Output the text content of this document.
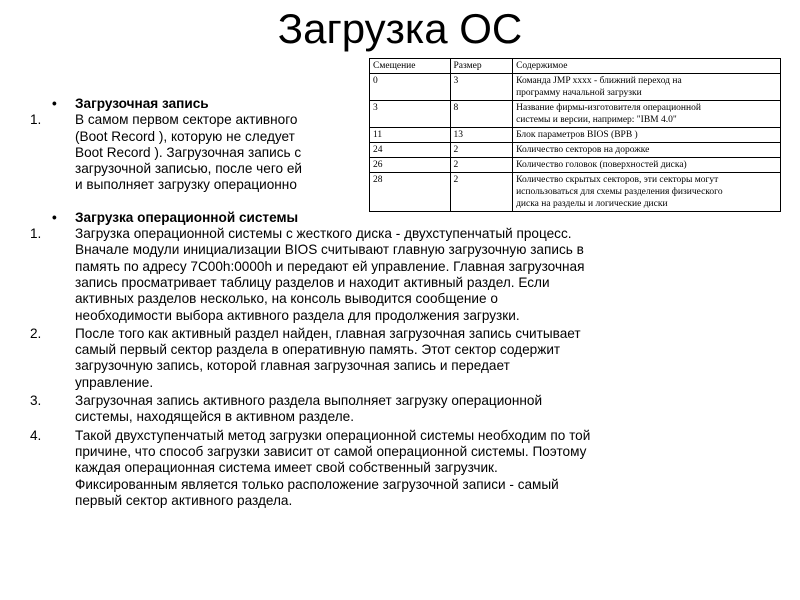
Загрузка ОС
•	Загрузочная запись
1.	В самом первом секторе активного
(Boot Record ), которую не следует
Boot Record ). Загрузочная запись с
загрузочной записью, после чего ей
и выполняет загрузку операционно
•	Загрузка операционной системы
1.	Загрузка операционной системы с жесткого диска - двухступенчатый процесс.
Вначале модули инициализации BIOS считывают главную загрузочную запись в
память по адресу 7C00h:0000h и передают ей управление. Главная загрузочная
запись просматривает таблицу разделов и находит активный раздел. Если
активных разделов несколько, на консоль выводится сообщение о
необходимости выбора активного раздела для продолжения загрузки.
2.	После того как активный раздел найден, главная загрузочная запись считывает
самый первый сектор раздела в оперативную память. Этот сектор содержит
загрузочную запись, которой главная загрузочная запись и передает
управление.
3.	Загрузочная запись активного раздела выполняет загрузку операционной
системы, находящейся в активном разделе.
4.	Такой двухступенчатый метод загрузки операционной системы необходим по той
причине, что способ загрузки зависит от самой операционной системы. Поэтому
каждая операционная система имеет свой собственный загрузчик.
Фиксированным является только расположение загрузочной записи - самый
первый сектор активного раздела.
Смещение	Размер	Содержимое
0	3	Команда JMP xxxx - ближний переход на
программу начальной загрузки

3	8	Название фирмы-изготовителя операционной
системы и версии, например: "IBM 4.0"

11	13	Блок параметров BIOS (BPB )

24	2	Количество секторов на дорожке

26	2	Количество головок (поверхностей диска)

28	2	Количество скрытых секторов, эти секторы могут
использоваться для схемы разделения физического
диска на разделы и логические диски
